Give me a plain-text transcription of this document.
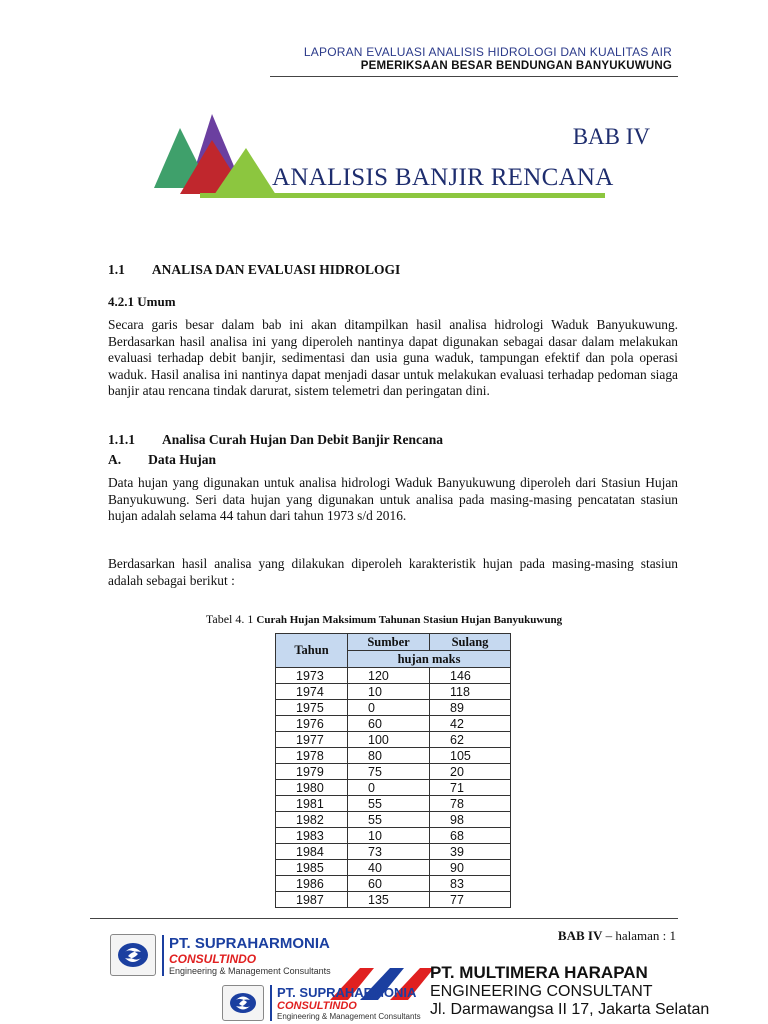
LAPORAN EVALUASI ANALISIS HIDROLOGI DAN KUALITAS AIR
PEMERIKSAAN BESAR BENDUNGAN BANYUKUWUNG
BAB IV
ANALISIS BANJIR RENCANA
1.1  ANALISA DAN EVALUASI HIDROLOGI
4.2.1 Umum
Secara garis besar dalam bab ini akan ditampilkan hasil analisa hidrologi Waduk Banyukuwung. Berdasarkan hasil analisa ini yang diperoleh nantinya dapat digunakan sebagai dasar dalam melakukan evaluasi terhadap debit banjir, sedimentasi dan usia guna waduk, tampungan efektif dan pola operasi waduk. Hasil analisa ini nantinya dapat menjadi dasar untuk melakukan evaluasi terhadap pedoman siaga banjir atau rencana tindak darurat, sistem telemetri dan peringatan dini.
1.1.1  Analisa Curah Hujan Dan Debit Banjir Rencana
A.  Data Hujan
Data hujan yang digunakan untuk analisa hidrologi Waduk Banyukuwung diperoleh dari Stasiun Hujan Banyukuwung. Seri data hujan yang digunakan untuk analisa pada masing-masing pencatatan stasiun hujan adalah selama 44 tahun dari tahun 1973 s/d 2016.
Berdasarkan hasil analisa yang dilakukan diperoleh karakteristik hujan pada masing-masing stasiun adalah sebagai berikut :
Tabel 4. 1 Curah Hujan Maksimum Tahunan Stasiun Hujan Banyukuwung
Tahun	Sumber	Sulang
	hujan maks	
1973	120	146
1974	10	118
1975	0	89
1976	60	42
1977	100	62
1978	80	105
1979	75	20
1980	0	71
1981	55	78
1982	55	98
1983	10	68
1984	73	39
1985	40	90
1986	60	83
1987	135	77
BAB IV – halaman : 1
PT. SUPRAHARMONIA
CONSULTINDO
Engineering & Management Consultants	PT. MULTIMERA HARAPAN
ENGINEERING CONSULTANT
Jl. Darmawangsa II 17, Jakarta Selatan
PT. SUPRAHARMONIA
CONSULTINDO
Engineering & Management Consultants
